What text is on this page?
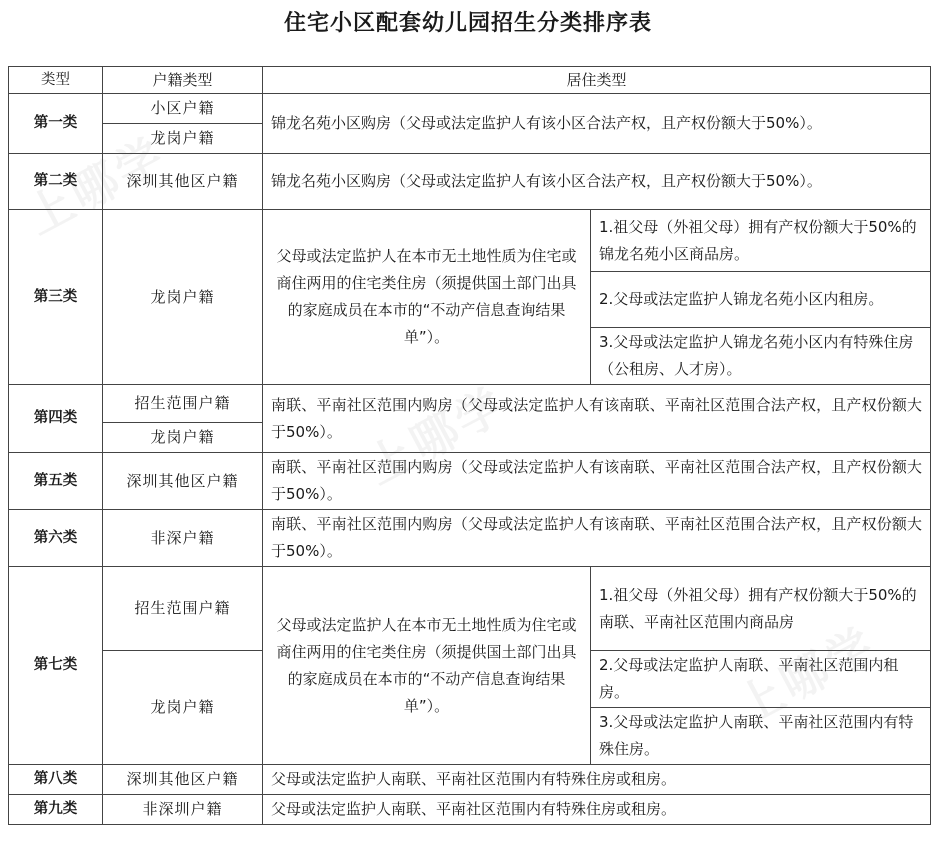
住宅小区配套幼儿园招生分类排序表
类型	户籍类型	居住类型	
第一类	小区户籍	锦龙名苑小区购房（父母或法定监护人有该小区合法产权，且产权份额大于50%）。	
	龙岗户籍		
第二类	深圳其他区户籍	锦龙名苑小区购房（父母或法定监护人有该小区合法产权，且产权份额大于50%）。	
第三类	龙岗户籍	父母或法定监护人在本市无土地性质为住宅或商住两用的住宅类住房（须提供国土部门出具的家庭成员在本市的“不动产信息查询结果单”）。	1.祖父母（外祖父母）拥有产权份额大于50%的锦龙名苑小区商品房。
			2.父母或法定监护人锦龙名苑小区内租房。
			3.父母或法定监护人锦龙名苑小区内有特殊住房（公租房、人才房）。
第四类	招生范围户籍	南联、平南社区范围内购房（父母或法定监护人有该南联、平南社区范围合法产权，且产权份额大于50%）。	
	龙岗户籍		
第五类	深圳其他区户籍	南联、平南社区范围内购房（父母或法定监护人有该南联、平南社区范围合法产权，且产权份额大于50%）。	
第六类	非深户籍	南联、平南社区范围内购房（父母或法定监护人有该南联、平南社区范围合法产权，且产权份额大于50%）。	
第七类	招生范围户籍	父母或法定监护人在本市无土地性质为住宅或商住两用的住宅类住房（须提供国土部门出具的家庭成员在本市的“不动产信息查询结果单”）。	1.祖父母（外祖父母）拥有产权份额大于50%的南联、平南社区范围内商品房
	龙岗户籍		2.父母或法定监护人南联、平南社区范围内租房。
			3.父母或法定监护人南联、平南社区范围内有特殊住房。
第八类	深圳其他区户籍	父母或法定监护人南联、平南社区范围内有特殊住房或租房。	
第九类	非深圳户籍	父母或法定监护人南联、平南社区范围内有特殊住房或租房。	
